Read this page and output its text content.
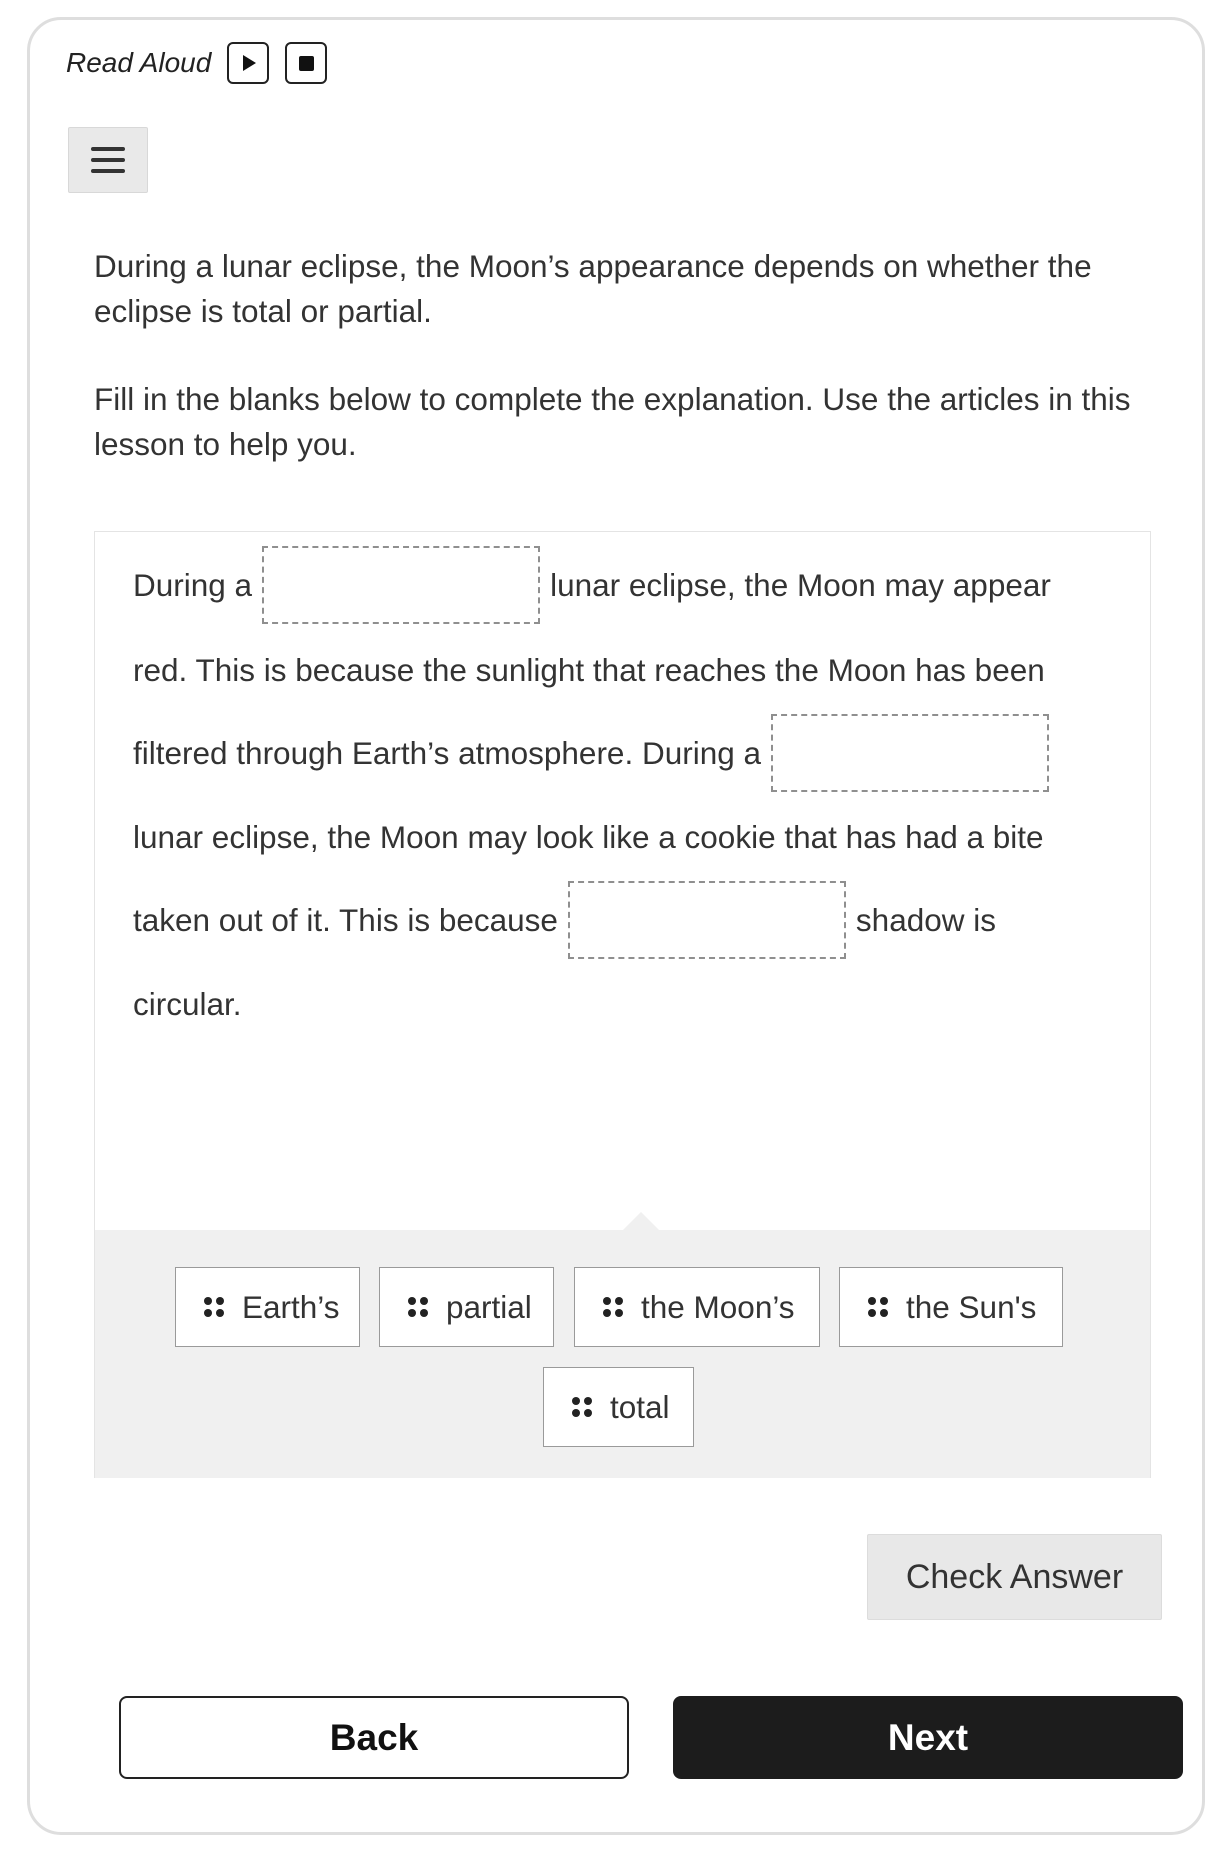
Read Aloud

During a lunar eclipse, the Moon’s appearance depends on whether the eclipse is total or partial.

Fill in the blanks below to complete the explanation. Use the articles in this lesson to help you.

During a	lunar eclipse, the Moon may appear
red. This is because the sunlight that reaches the Moon has been
filtered through Earth’s atmosphere. During a
lunar eclipse, the Moon may look like a cookie that has had a bite
taken out of it. This is because	shadow is
circular.
Earth’s	partial	the Moon’s	the Sun's
total
Check Answer
Back	Next
